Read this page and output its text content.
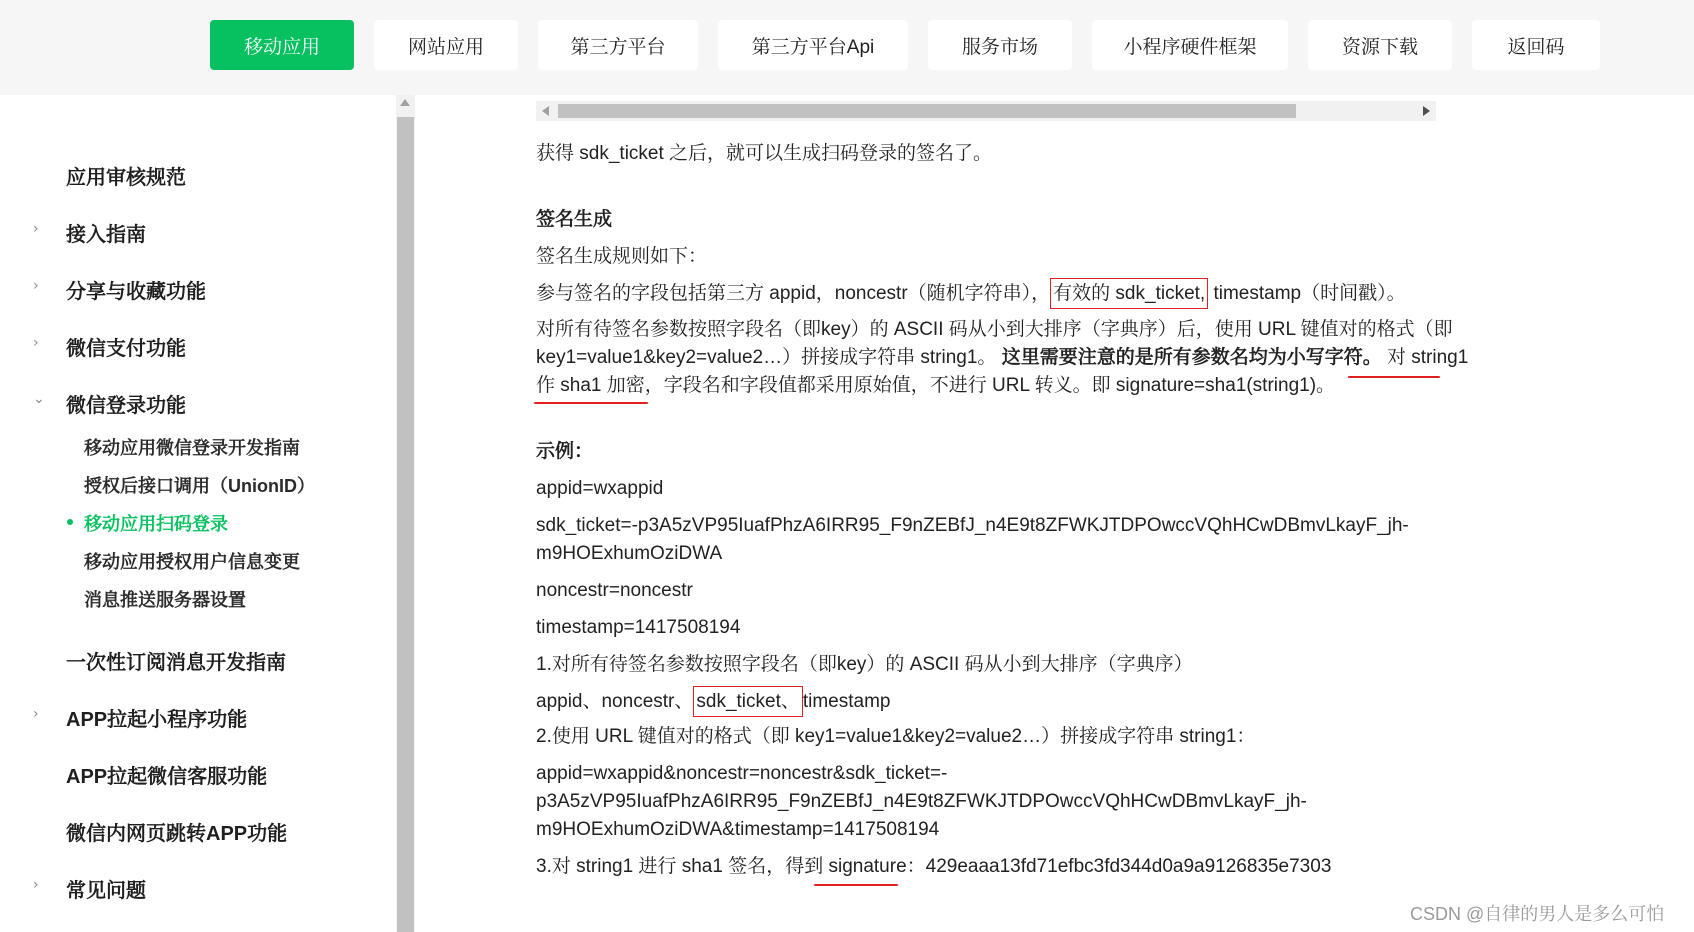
移动应用	网站应用	第三方平台	第三方平台Api	服务市场	小程序硬件框架	资源下载	返回码
应用审核规范
› 接入指南
› 分享与收藏功能
› 微信支付功能
⌄ 微信登录功能
移动应用微信登录开发指南
授权后接口调用（UnionID）
移动应用扫码登录
移动应用授权用户信息变更
消息推送服务器设置
一次性订阅消息开发指南
› APP拉起小程序功能
APP拉起微信客服功能
微信内网页跳转APP功能
› 常见问题
获得 sdk_ticket 之后，就可以生成扫码登录的签名了。
签名生成
签名生成规则如下：
参与签名的字段包括第三方 appid，noncestr（随机字符串）， 有效的 sdk_ticket, timestamp（时间戳）。
对所有待签名参数按照字段名（即key）的 ASCII 码从小到大排序（字典序）后，使用 URL 键值对的格式（即
key1=value1&key2=value2…）拼接成字符串 string1。 这里需要注意的是所有参数名均为小写字符。 对 string1
作 sha1 加密，字段名和字段值都采用原始值，不进行 URL 转义。即 signature=sha1(string1)。
示例：
appid=wxappid
sdk_ticket=-p3A5zVP95IuafPhzA6IRR95_F9nZEBfJ_n4E9t8ZFWKJTDPOwccVQhHCwDBmvLkayF_jh-
m9HOExhumOziDWA
noncestr=noncestr
timestamp=1417508194
1.对所有待签名参数按照字段名（即key）的 ASCII 码从小到大排序（字典序）
appid、noncestr、 sdk_ticket、 timestamp
2.使用 URL 键值对的格式（即 key1=value1&key2=value2…）拼接成字符串 string1：
appid=wxappid&noncestr=noncestr&sdk_ticket=-
p3A5zVP95IuafPhzA6IRR95_F9nZEBfJ_n4E9t8ZFWKJTDPOwccVQhHCwDBmvLkayF_jh-
m9HOExhumOziDWA&timestamp=1417508194
3.对 string1 进行 sha1 签名，得到 signature：429eaaa13fd71efbc3fd344d0a9a9126835e7303
CSDN @自律的男人是多么可怕
